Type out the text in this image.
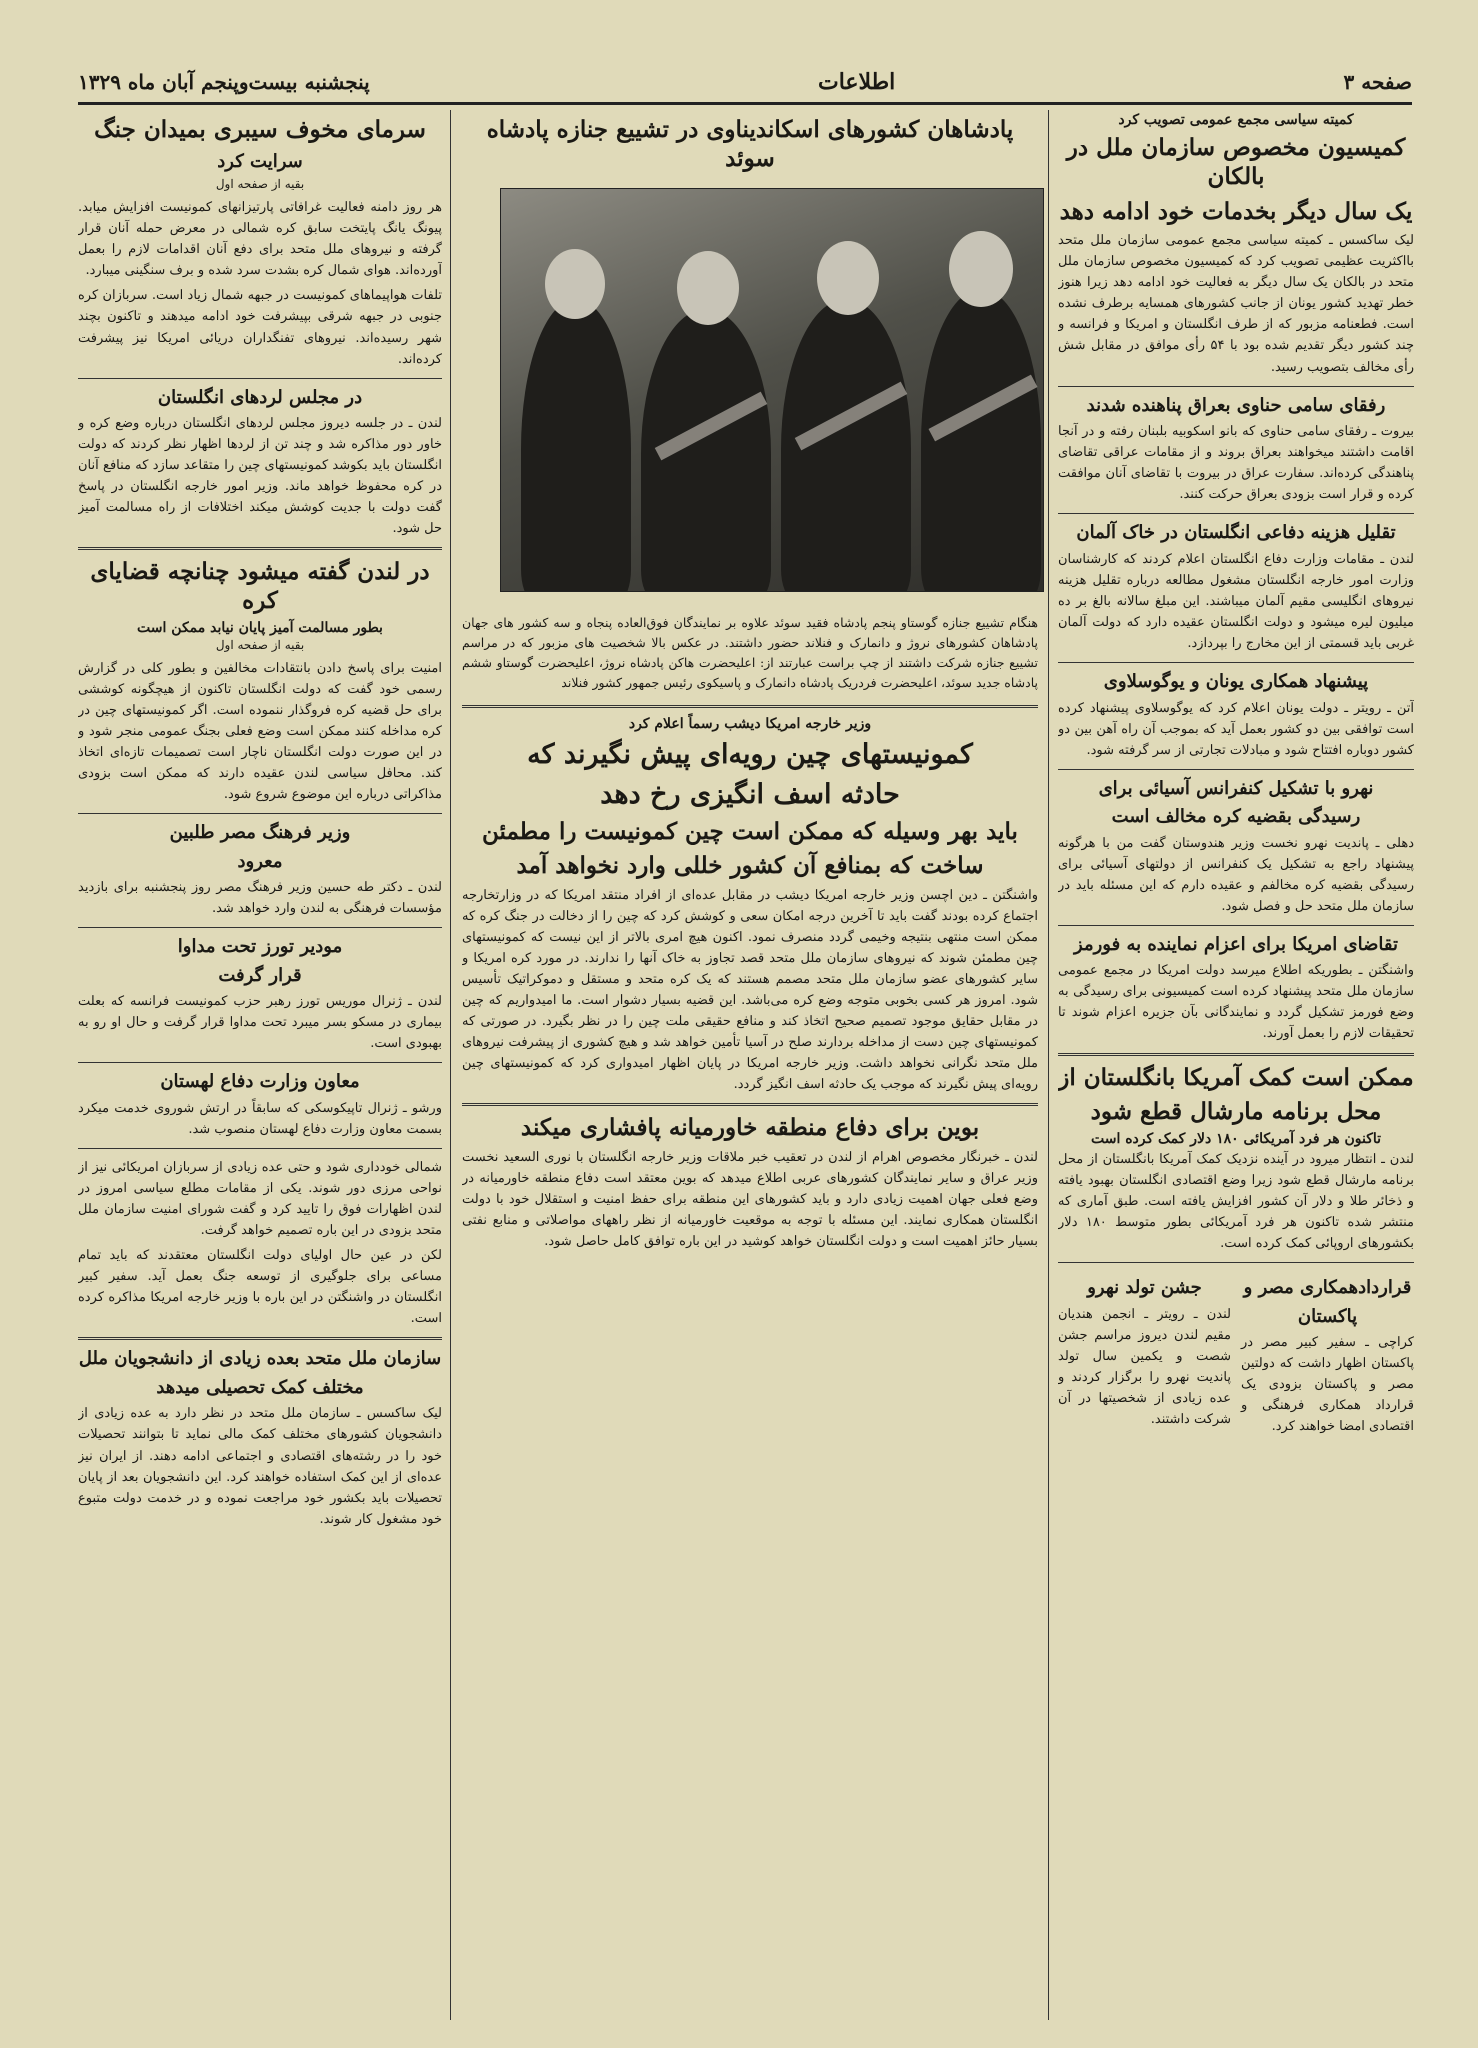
صفحه ۳
اطلاعات
پنجشنبه بیست‌وپنجم آبان ماه ۱۳۲۹
کمیته سیاسی مجمع عمومی تصویب کرد
کمیسیون مخصوص سازمان ملل در بالکان
یک سال دیگر بخدمات خود ادامه دهد

لیک ساکسس ـ کمیته سیاسی مجمع عمومی سازمان ملل متحد بااکثریت عظیمی تصویب کرد که کمیسیون مخصوص سازمان ملل متحد در بالکان یک سال دیگر به فعالیت خود ادامه دهد زیرا هنوز خطر تهدید کشور یونان از جانب کشورهای همسایه برطرف نشده است. فطعنامه مزبور که از طرف انگلستان و امریکا و فرانسه و چند کشور دیگر تقدیم شده بود با ۵۴ رأی موافق در مقابل شش رأی مخالف بتصویب رسید.

رفقای سامی حناوی بعراق پناهنده شدند

بیروت ـ رفقای سامی حناوی که بانو اسکوبیه بلبنان رفته و در آنجا اقامت داشتند میخواهند بعراق بروند و از مقامات عراقی تقاضای پناهندگی کرده‌اند. سفارت عراق در بیروت با تقاضای آنان موافقت کرده و قرار است بزودی بعراق حرکت کنند.

تقلیل هزینه دفاعی انگلستان در خاک آلمان

لندن ـ مقامات وزارت دفاع انگلستان اعلام کردند که کارشناسان وزارت امور خارجه انگلستان مشغول مطالعه درباره تقلیل هزینه نیروهای انگلیسی مقیم آلمان میباشند. این مبلغ سالانه بالغ بر ده میلیون لیره میشود و دولت انگلستان عقیده دارد که دولت آلمان غربی باید قسمتی از این مخارج را بپردازد.

پیشنهاد همکاری یونان و یوگوسلاوی

آتن ـ رویتر ـ دولت یونان اعلام کرد که یوگوسلاوی پیشنهاد کرده است توافقی بین دو کشور بعمل آید که بموجب آن راه آهن بین دو کشور دوباره افتتاح شود و مبادلات تجارتی از سر گرفته شود.

نهرو با تشکیل کنفرانس آسیائی برای
رسیدگی بقضیه کره مخالف است

دهلی ـ پاندیت نهرو نخست وزیر هندوستان گفت من با هرگونه پیشنهاد راجع به تشکیل یک کنفرانس از دولتهای آسیائی برای رسیدگی بقضیه کره مخالفم و عقیده دارم که این مسئله باید در سازمان ملل متحد حل و فصل شود.

تقاضای امریکا برای اعزام نماینده به فورمز

واشنگتن ـ بطوریکه اطلاع میرسد دولت امریکا در مجمع عمومی سازمان ملل متحد پیشنهاد کرده است کمیسیونی برای رسیدگی به وضع فورمز تشکیل گردد و نمایندگانی بآن جزیره اعزام شوند تا تحقیقات لازم را بعمل آورند.

ممکن است کمک آمریکا بانگلستان از
محل برنامه مارشال قطع شود
تاکنون هر فرد آمریکائی ۱۸۰ دلار کمک کرده است

لندن ـ انتظار میرود در آینده نزدیک کمک آمریکا بانگلستان از محل برنامه مارشال قطع شود زیرا وضع اقتصادی انگلستان بهبود یافته و ذخائر طلا و دلار آن کشور افزایش یافته است. طبق آماری که منتشر شده تاکنون هر فرد آمریکائی بطور متوسط ۱۸۰ دلار بکشورهای اروپائی کمک کرده است.

قراردادهمکاری مصر و
پاکستان

کراچی ـ سفیر کبیر مصر در پاکستان اظهار داشت که دولتین مصر و پاکستان بزودی یک قرارداد همکاری فرهنگی و اقتصادی امضا خواهند کرد.

جشن تولد نهرو

لندن ـ رویتر ـ انجمن هندیان مقیم لندن دیروز مراسم جشن شصت و یکمین سال تولد پاندیت نهرو را برگزار کردند و عده زیادی از شخصیتها در آن شرکت داشتند.

پادشاهان کشورهای اسکاندیناوی در تشییع جنازه پادشاه سوئد

هنگام تشییع جنازه گوستاو پنجم پادشاه فقید سوئد علاوه بر نمایندگان فوق‌العاده پنجاه و سه کشور های جهان پادشاهان کشورهای نروژ و دانمارک و فنلاند حضور داشتند. در عکس بالا شخصیت های مزبور که در مراسم تشییع جنازه شرکت داشتند از چپ براست عبارتند از: اعلیحضرت هاکن پادشاه نروژ، اعلیحضرت گوستاو ششم پادشاه جدید سوئد، اعلیحضرت فردریک پادشاه دانمارک و پاسیکوی رئیس جمهور کشور فنلاند

وزیر خارجه امریکا دیشب رسماً اعلام کرد
کمونیستهای چین رویه‌ای پیش نگیرند که
حادثه اسف انگیزی رخ دهد
باید بهر وسیله که ممکن است چین کمونیست را مطمئن
ساخت که بمنافع آن کشور خللی وارد نخواهد آمد

واشنگتن ـ دین اچسن وزیر خارجه امریکا دیشب در مقابل عده‌ای از افراد منتقد امریکا که در وزارتخارجه اجتماع کرده بودند گفت باید تا آخرین درجه امکان سعی و کوشش کرد که چین را از دخالت در جنگ کره که ممکن است منتهی بنتیجه وخیمی گردد منصرف نمود. اکنون هیچ امری بالاتر از این نیست که کمونیستهای چین مطمئن شوند که نیروهای سازمان ملل متحد قصد تجاوز به خاک آنها را ندارند. در مورد کره امریکا و سایر کشورهای عضو سازمان ملل متحد مصمم هستند که یک کره متحد و مستقل و دموکراتیک تأسیس شود. امروز هر کسی بخوبی متوجه وضع کره می‌باشد. این قضیه بسیار دشوار است. ما امیدواریم که چین در مقابل حقایق موجود تصمیم صحیح اتخاذ کند و منافع حقیقی ملت چین را در نظر بگیرد. در صورتی که کمونیستهای چین دست از مداخله بردارند صلح در آسیا تأمین خواهد شد و هیچ کشوری از پیشرفت نیروهای ملل متحد نگرانی نخواهد داشت. وزیر خارجه امریکا در پایان اظهار امیدواری کرد که کمونیستهای چین رویه‌ای پیش نگیرند که موجب یک حادثه اسف انگیز گردد.

بوین برای دفاع منطقه خاورمیانه پافشاری میکند

لندن ـ خبرنگار مخصوص اهرام از لندن در تعقیب خبر ملاقات وزیر خارجه انگلستان با نوری السعید نخست وزیر عراق و سایر نمایندگان کشورهای عربی اطلاع میدهد که بوین معتقد است دفاع منطقه خاورمیانه در وضع فعلی جهان اهمیت زیادی دارد و باید کشورهای این منطقه برای حفظ امنیت و استقلال خود با دولت انگلستان همکاری نمایند. این مسئله با توجه به موقعیت خاورمیانه از نظر راههای مواصلاتی و منابع نفتی بسیار حائز اهمیت است و دولت انگلستان خواهد کوشید در این باره توافق کامل حاصل شود.

سرمای مخوف سیبری بمیدان جنگ
سرایت کرد
بقیه از صفحه اول

هر روز دامنه فعالیت غرافاتی پارتیزانهای کمونیست افزایش میابد. پیونگ یانگ پایتخت سابق کره شمالی در معرض حمله آنان قرار گرفته و نیروهای ملل متحد برای دفع آنان اقدامات لازم را بعمل آورده‌اند. هوای شمال کره بشدت سرد شده و برف سنگینی میبارد.

تلفات هواپیماهای کمونیست در جبهه شمال زیاد است. سربازان کره جنوبی در جبهه شرقی بپیشرفت خود ادامه میدهند و تاکنون بچند شهر رسیده‌اند. نیروهای تفنگداران دریائی امریکا نیز پیشرفت کرده‌اند.

در مجلس لردهای انگلستان

لندن ـ در جلسه دیروز مجلس لردهای انگلستان درباره وضع کره و خاور دور مذاکره شد و چند تن از لردها اظهار نظر کردند که دولت انگلستان باید بکوشد کمونیستهای چین را متقاعد سازد که منافع آنان در کره محفوظ خواهد ماند. وزیر امور خارجه انگلستان در پاسخ گفت دولت با جدیت کوشش میکند اختلافات از راه مسالمت آمیز حل شود.

در لندن گفته میشود چنانچه قضایای کره
بطور مسالمت آمیز پایان نیابد ممکن است
بقیه از صفحه اول

امنیت برای پاسخ دادن بانتقادات مخالفین و بطور کلی در گزارش رسمی خود گفت که دولت انگلستان تاکنون از هیچگونه کوششی برای حل قضیه کره فروگذار ننموده است. اگر کمونیستهای چین در کره مداخله کنند ممکن است وضع فعلی بجنگ عمومی منجر شود و در این صورت دولت انگلستان ناچار است تصمیمات تازه‌ای اتخاذ کند. محافل سیاسی لندن عقیده دارند که ممکن است بزودی مذاکراتی درباره این موضوع شروع شود.

وزیر فرهنگ مصر طلبین
معرود

لندن ـ دکتر طه حسین وزیر فرهنگ مصر روز پنجشنبه برای بازدید مؤسسات فرهنگی به لندن وارد خواهد شد.

مودیر تورز تحت مداوا
قرار گرفت

لندن ـ ژنرال موریس تورز رهبر حزب کمونیست فرانسه که بعلت بیماری در مسکو بسر میبرد تحت مداوا قرار گرفت و حال او رو به بهبودی است.

معاون وزارت دفاع لهستان

ورشو ـ ژنرال تاپیکوسکی که سابقاً در ارتش شوروی خدمت میکرد بسمت معاون وزارت دفاع لهستان منصوب شد.

شمالی خودداری شود و حتی عده زیادی از سربازان امریکائی نیز از نواحی مرزی دور شوند. یکی از مقامات مطلع سیاسی امروز در لندن اظهارات فوق را تایید کرد و گفت شورای امنیت سازمان ملل متحد بزودی در این باره تصمیم خواهد گرفت.

لکن در عین حال اولیای دولت انگلستان معتقدند که باید تمام مساعی برای جلوگیری از توسعه جنگ بعمل آید. سفیر کبیر انگلستان در واشنگتن در این باره با وزیر خارجه امریکا مذاکره کرده است.

سازمان ملل متحد بعده زیادی از دانشجویان ملل
مختلف کمک تحصیلی میدهد

لیک ساکسس ـ سازمان ملل متحد در نظر دارد به عده زیادی از دانشجویان کشورهای مختلف کمک مالی نماید تا بتوانند تحصیلات خود را در رشته‌های اقتصادی و اجتماعی ادامه دهند. از ایران نیز عده‌ای از این کمک استفاده خواهند کرد. این دانشجویان بعد از پایان تحصیلات باید بکشور خود مراجعت نموده و در خدمت دولت متبوع خود مشغول کار شوند.
